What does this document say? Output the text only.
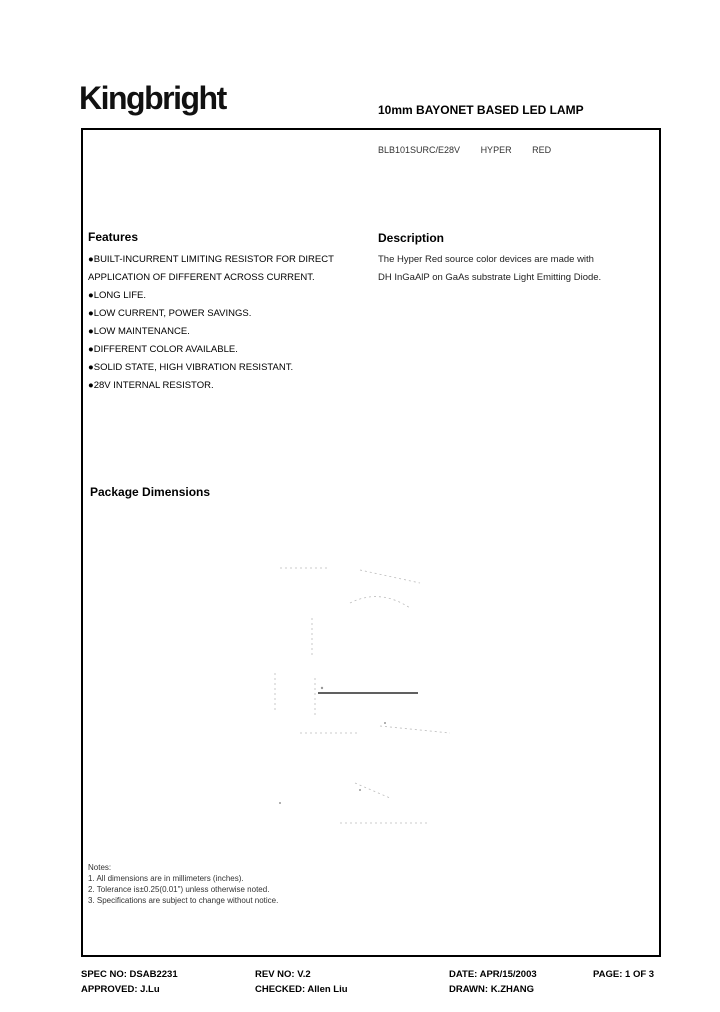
Kingbright	10mm BAYONET BASED LED LAMP
BLB101SURC/E28V HYPER RED
Features
●BUILT-INCURRENT LIMITING RESISTOR FOR DIRECT
APPLICATION OF DIFFERENT ACROSS CURRENT.
●LONG LIFE.
●LOW CURRENT, POWER SAVINGS.
●LOW MAINTENANCE.
●DIFFERENT COLOR AVAILABLE.
●SOLID STATE, HIGH VIBRATION RESISTANT.
●28V INTERNAL RESISTOR.
Description
The Hyper Red source color devices are made with
DH InGaAlP on GaAs substrate Light Emitting Diode.
Package Dimensions
Notes:
1. All dimensions are in millimeters (inches).
2. Tolerance is±0.25(0.01") unless otherwise noted.
3. Specifications are subject to change without notice.
SPEC NO: DSAB2231	REV NO: V.2	DATE: APR/15/2003	PAGE: 1 OF 3
APPROVED: J.Lu	CHECKED: Allen Liu	DRAWN: K.ZHANG
